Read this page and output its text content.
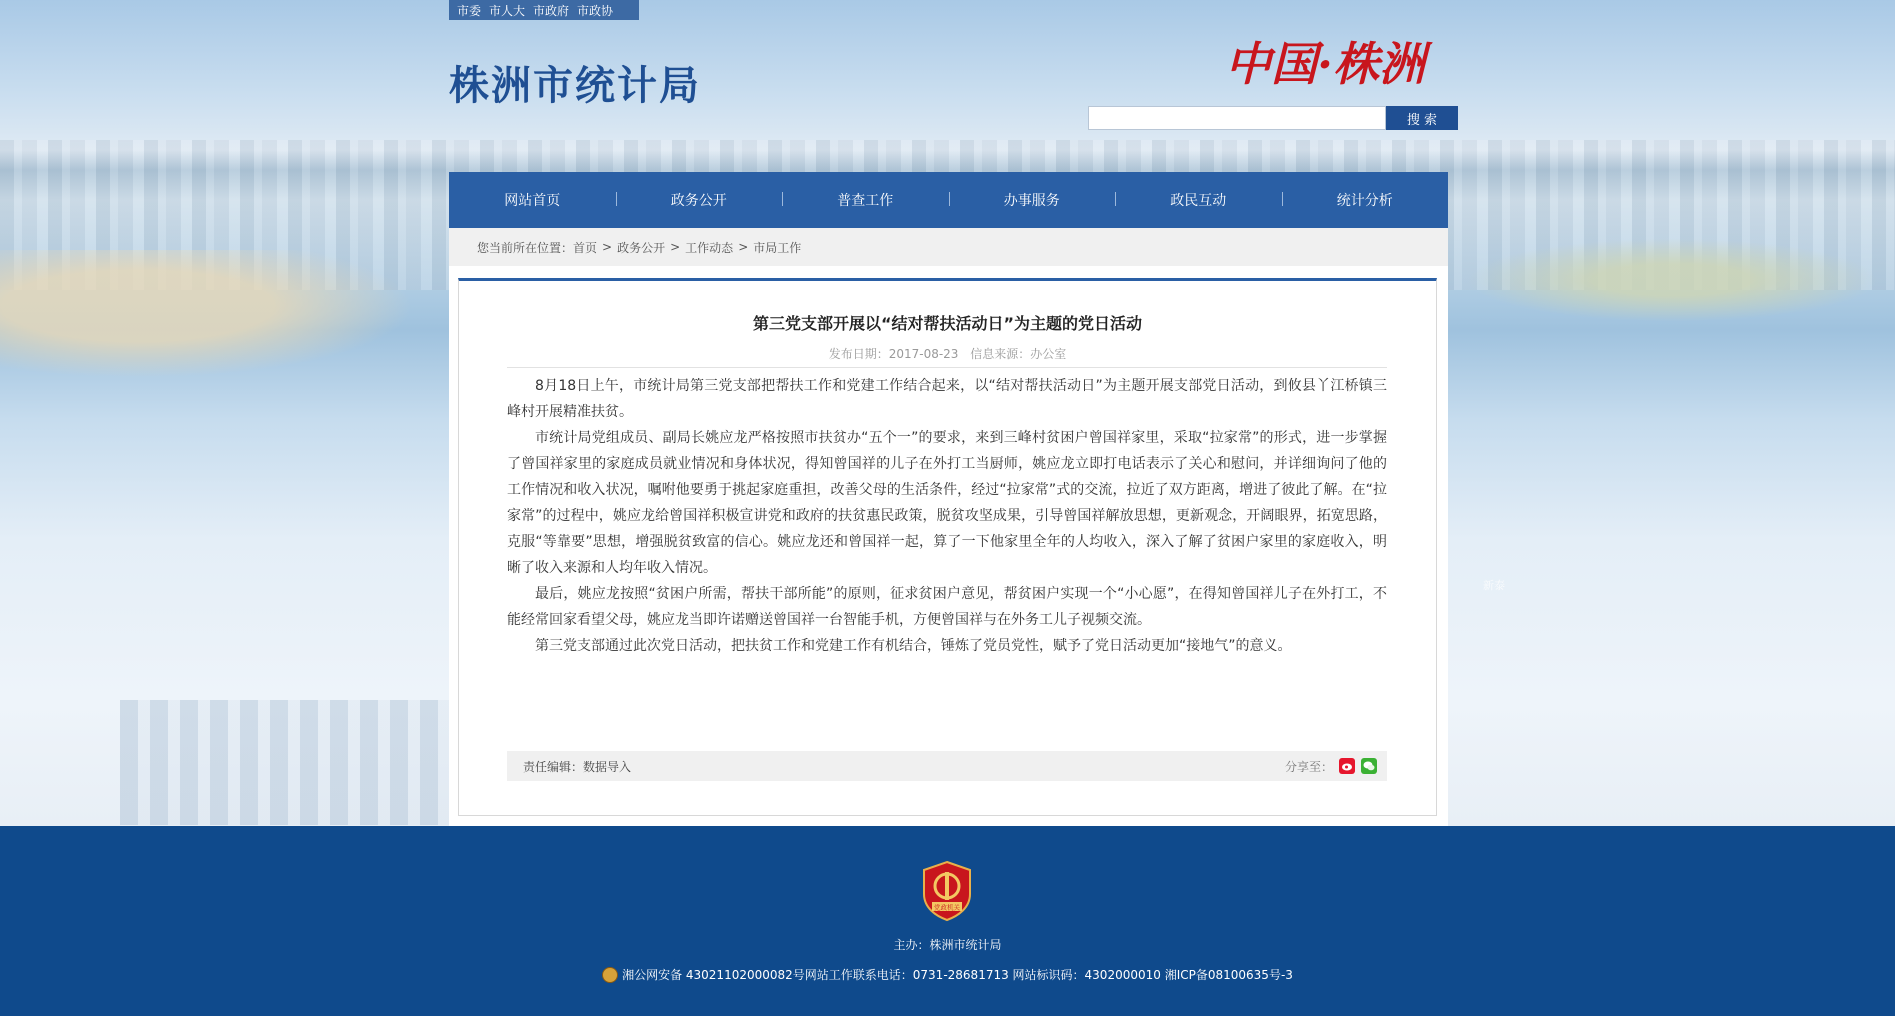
市委 市人大 市政府 市政协
株洲市统计局	中国·株洲
搜 索
网站首页	政务公开	普查工作	办事服务	政民互动	统计分析
您当前所在位置： 首页 > 政务公开 > 工作动态 > 市局工作
第三党支部开展以“结对帮扶活动日”为主题的党日活动
发布日期：2017-08-23 信息来源：办公室

8月18日上午，市统计局第三党支部把帮扶工作和党建工作结合起来，以“结对帮扶活动日”为主题开展支部党日活动，到攸县丫江桥镇三峰村开展精准扶贫。

市统计局党组成员、副局长姚应龙严格按照市扶贫办“五个一”的要求，来到三峰村贫困户曾国祥家里，采取“拉家常”的形式，进一步掌握了曾国祥家里的家庭成员就业情况和身体状况，得知曾国祥的儿子在外打工当厨师，姚应龙立即打电话表示了关心和慰问，并详细询问了他的工作情况和收入状况，嘱咐他要勇于挑起家庭重担，改善父母的生活条件，经过“拉家常”式的交流，拉近了双方距离，增进了彼此了解。在“拉家常”的过程中，姚应龙给曾国祥积极宣讲党和政府的扶贫惠民政策，脱贫攻坚成果，引导曾国祥解放思想，更新观念，开阔眼界，拓宽思路，克服“等靠要”思想，增强脱贫致富的信心。姚应龙还和曾国祥一起，算了一下他家里全年的人均收入，深入了解了贫困户家里的家庭收入，明晰了收入来源和人均年收入情况。

最后，姚应龙按照“贫困户所需，帮扶干部所能”的原则，征求贫困户意见，帮贫困户实现一个“小心愿”，在得知曾国祥儿子在外打工，不能经常回家看望父母，姚应龙当即许诺赠送曾国祥一台智能手机，方便曾国祥与在外务工儿子视频交流。

第三党支部通过此次党日活动，把扶贫工作和党建工作有机结合，锤炼了党员党性，赋予了党日活动更加“接地气”的意义。

责任编辑：数据导入	分享至：
新泰
党政机关
主办：株洲市统计局
湘公网安备 43021102000082号网站工作联系电话：0731-28681713 网站标识码：4302000010 湘ICP备08100635号-3
